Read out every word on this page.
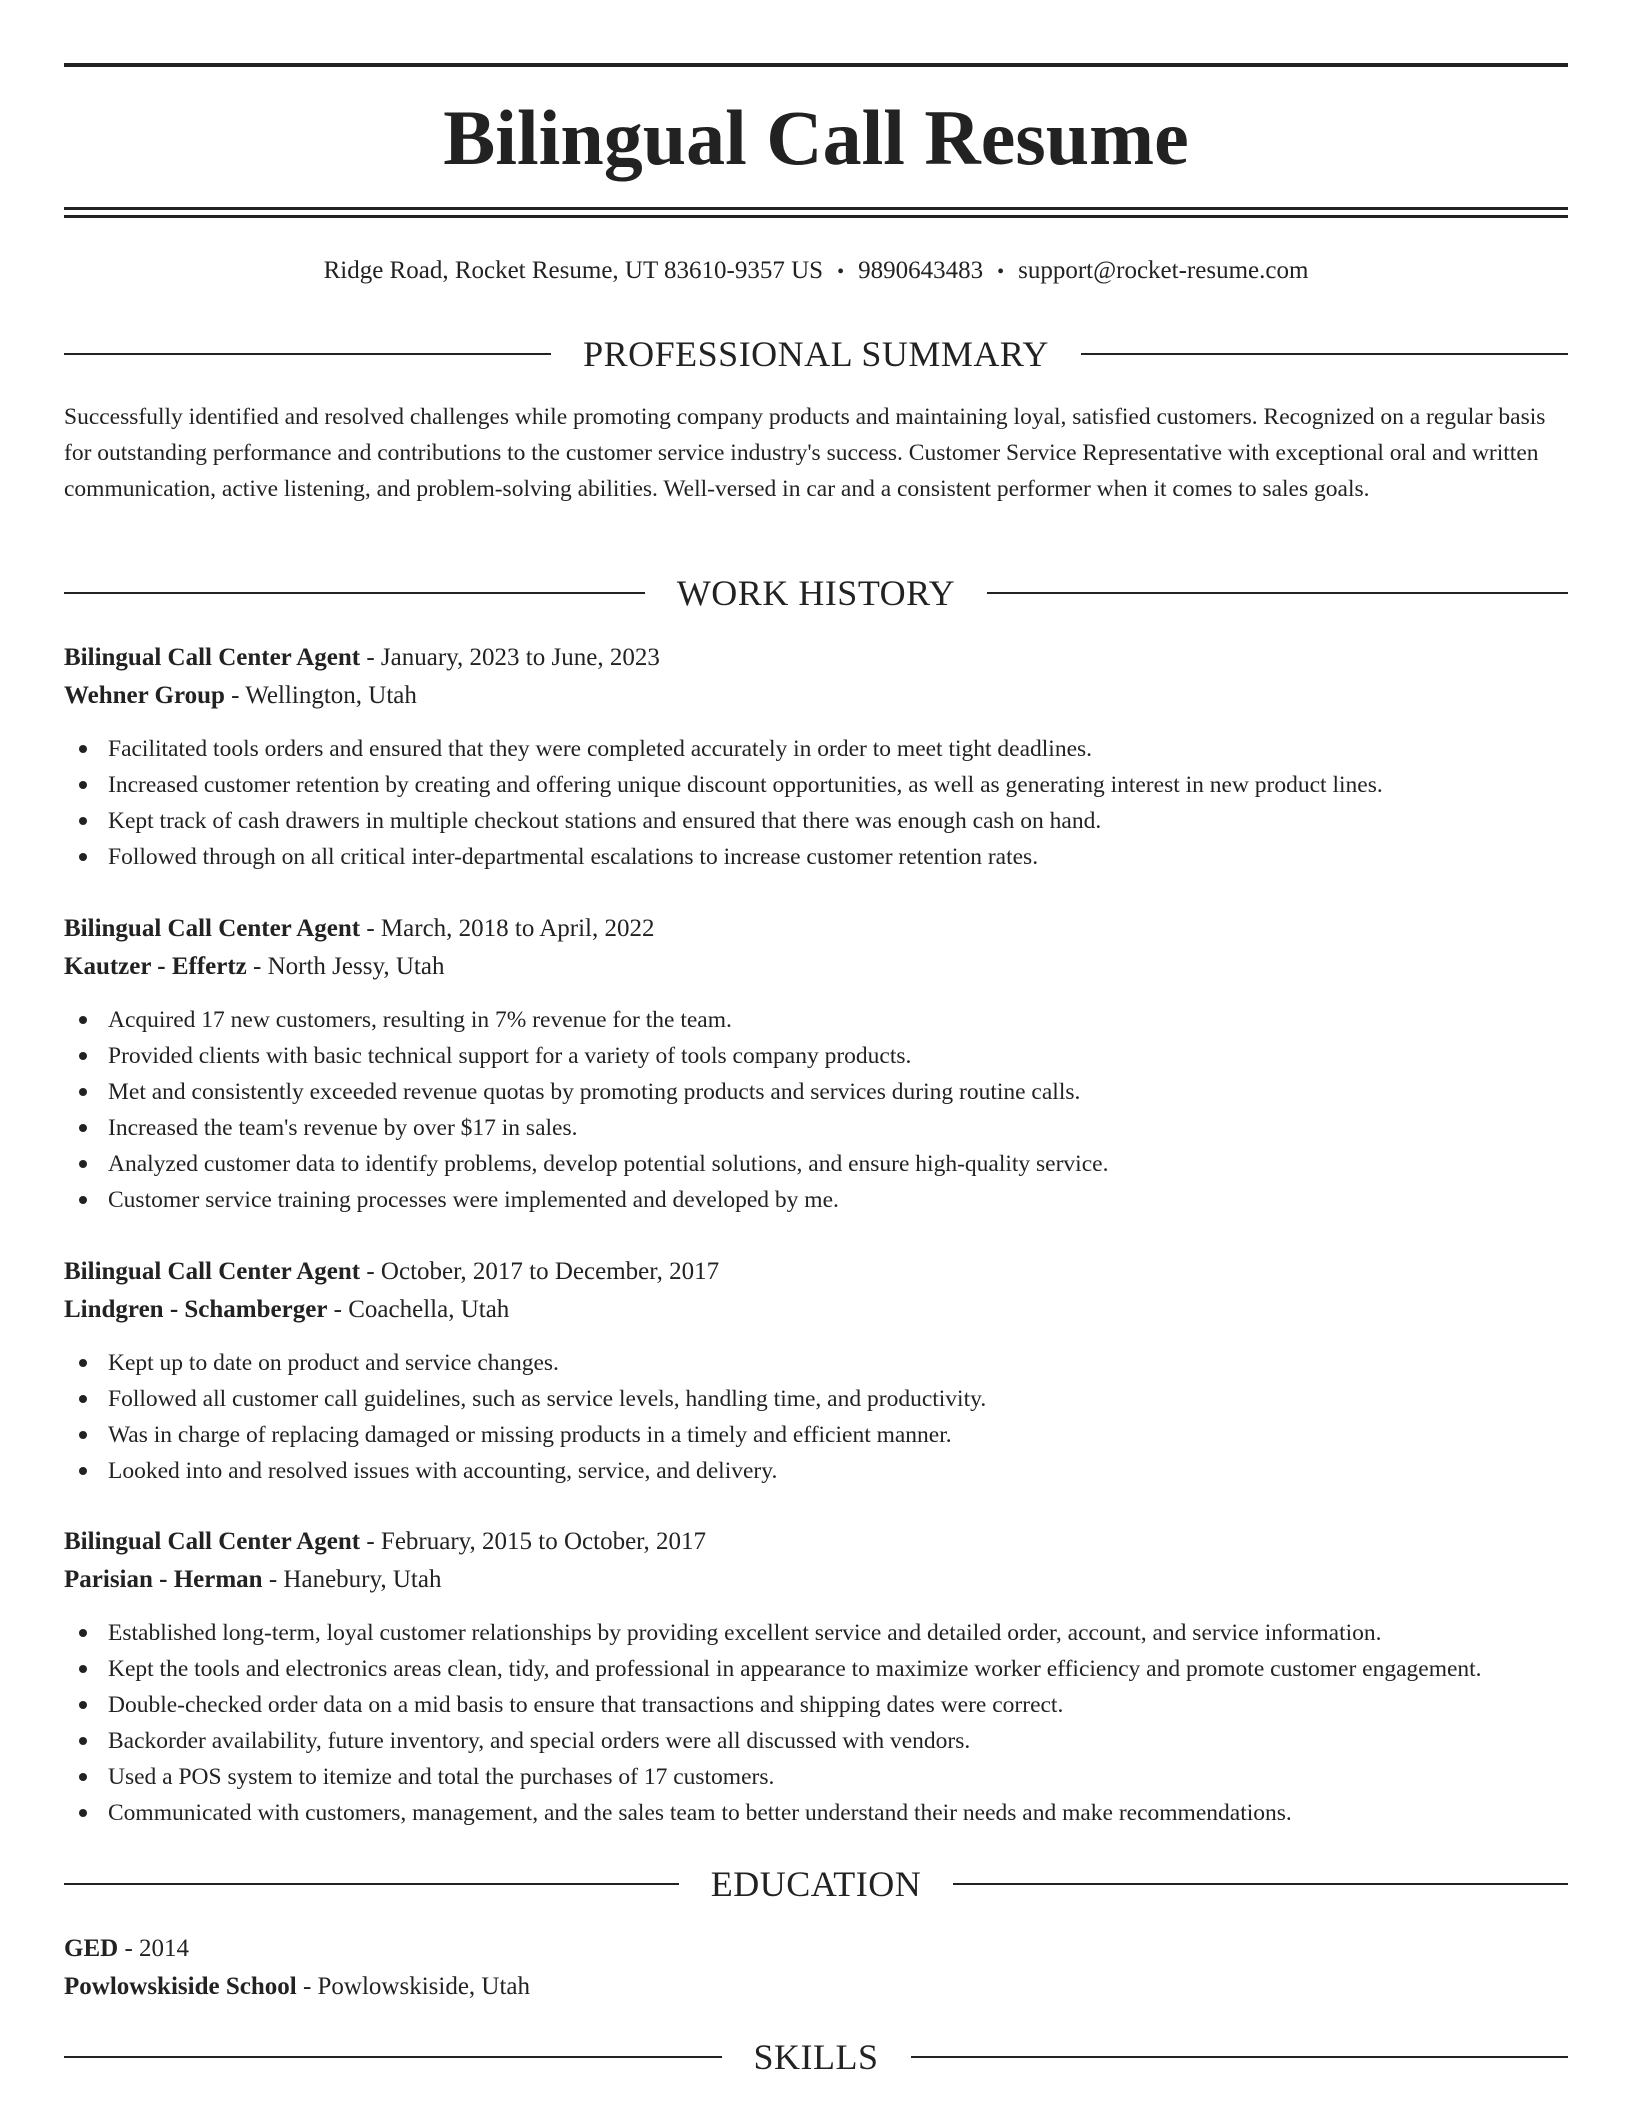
Bilingual Call Resume
Ridge Road, Rocket Resume, UT 83610-9357 US • 9890643483 • support@rocket-resume.com
PROFESSIONAL SUMMARY

Successfully identified and resolved challenges while promoting company products and maintaining loyal, satisfied customers. Recognized on a regular basis for outstanding performance and contributions to the customer service industry's success. Customer Service Representative with exceptional oral and written communication, active listening, and problem-solving abilities. Well-versed in car and a consistent performer when it comes to sales goals.

WORK HISTORY
Bilingual Call Center Agent - January, 2023 to June, 2023
Wehner Group - Wellington, Utah
Facilitated tools orders and ensured that they were completed accurately in order to meet tight deadlines.
Increased customer retention by creating and offering unique discount opportunities, as well as generating interest in new product lines.
Kept track of cash drawers in multiple checkout stations and ensured that there was enough cash on hand.
Followed through on all critical inter-departmental escalations to increase customer retention rates.
Bilingual Call Center Agent - March, 2018 to April, 2022
Kautzer - Effertz - North Jessy, Utah
Acquired 17 new customers, resulting in 7% revenue for the team.
Provided clients with basic technical support for a variety of tools company products.
Met and consistently exceeded revenue quotas by promoting products and services during routine calls.
Increased the team's revenue by over $17 in sales.
Analyzed customer data to identify problems, develop potential solutions, and ensure high-quality service.
Customer service training processes were implemented and developed by me.
Bilingual Call Center Agent - October, 2017 to December, 2017
Lindgren - Schamberger - Coachella, Utah
Kept up to date on product and service changes.
Followed all customer call guidelines, such as service levels, handling time, and productivity.
Was in charge of replacing damaged or missing products in a timely and efficient manner.
Looked into and resolved issues with accounting, service, and delivery.
Bilingual Call Center Agent - February, 2015 to October, 2017
Parisian - Herman - Hanebury, Utah
Established long-term, loyal customer relationships by providing excellent service and detailed order, account, and service information.
Kept the tools and electronics areas clean, tidy, and professional in appearance to maximize worker efficiency and promote customer engagement.
Double-checked order data on a mid basis to ensure that transactions and shipping dates were correct.
Backorder availability, future inventory, and special orders were all discussed with vendors.
Used a POS system to itemize and total the purchases of 17 customers.
Communicated with customers, management, and the sales team to better understand their needs and make recommendations.
EDUCATION
GED - 2014
Powlowskiside School - Powlowskiside, Utah
SKILLS
